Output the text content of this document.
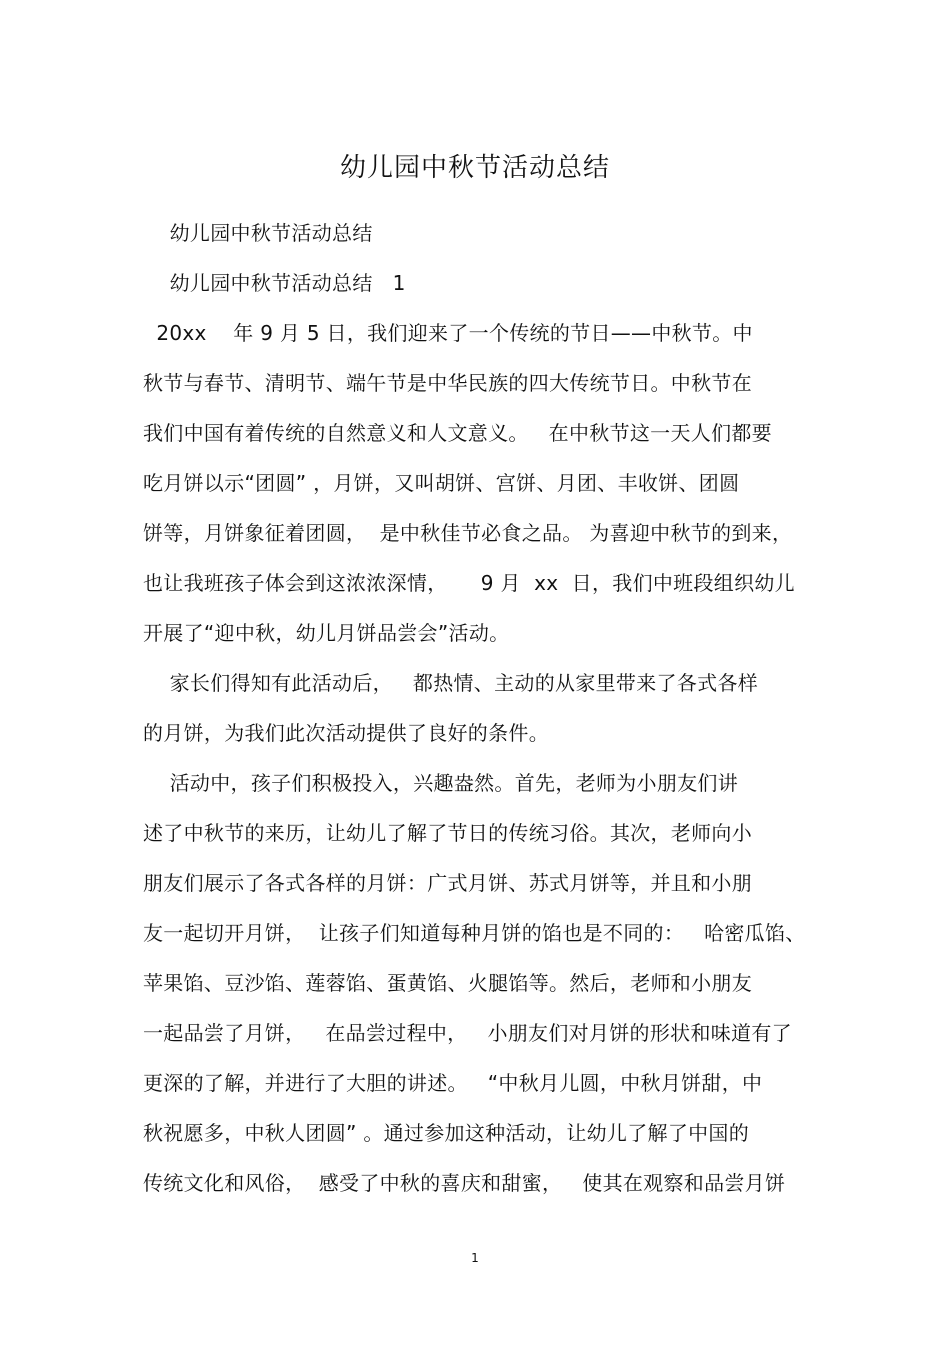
幼儿园中秋节活动总结
幼儿园中秋节活动总结
幼儿园中秋节活动总结   1
20xx    年 9 月 5 日，我们迎来了一个传统的节日——中秋节。中
秋节与春节、清明节、端午节是中华民族的四大传统节日。中秋节在
我们中国有着传统的自然意义和人文意义。   在中秋节这一天人们都要
吃月饼以示“团圆” ，月饼，又叫胡饼、宫饼、月团、丰收饼、团圆
饼等，月饼象征着团圆，  是中秋佳节必食之品。 为喜迎中秋节的到来，
也让我班孩子体会到这浓浓深情，     9 月  xx  日，我们中班段组织幼儿
开展了“迎中秋，幼儿月饼品尝会”活动。
家长们得知有此活动后，   都热情、主动的从家里带来了各式各样
的月饼，为我们此次活动提供了良好的条件。
活动中，孩子们积极投入，兴趣盎然。首先，老师为小朋友们讲
述了中秋节的来历，让幼儿了解了节日的传统习俗。其次，老师向小
朋友们展示了各式各样的月饼：广式月饼、苏式月饼等，并且和小朋
友一起切开月饼，  让孩子们知道每种月饼的馅也是不同的：   哈密瓜馅、
苹果馅、豆沙馅、莲蓉馅、蛋黄馅、火腿馅等。然后，老师和小朋友
一起品尝了月饼，   在品尝过程中，   小朋友们对月饼的形状和味道有了
更深的了解，并进行了大胆的讲述。   “中秋月儿圆，中秋月饼甜，中
秋祝愿多，中秋人团圆” 。通过参加这种活动，让幼儿了解了中国的
传统文化和风俗，  感受了中秋的喜庆和甜蜜，   使其在观察和品尝月饼
1
